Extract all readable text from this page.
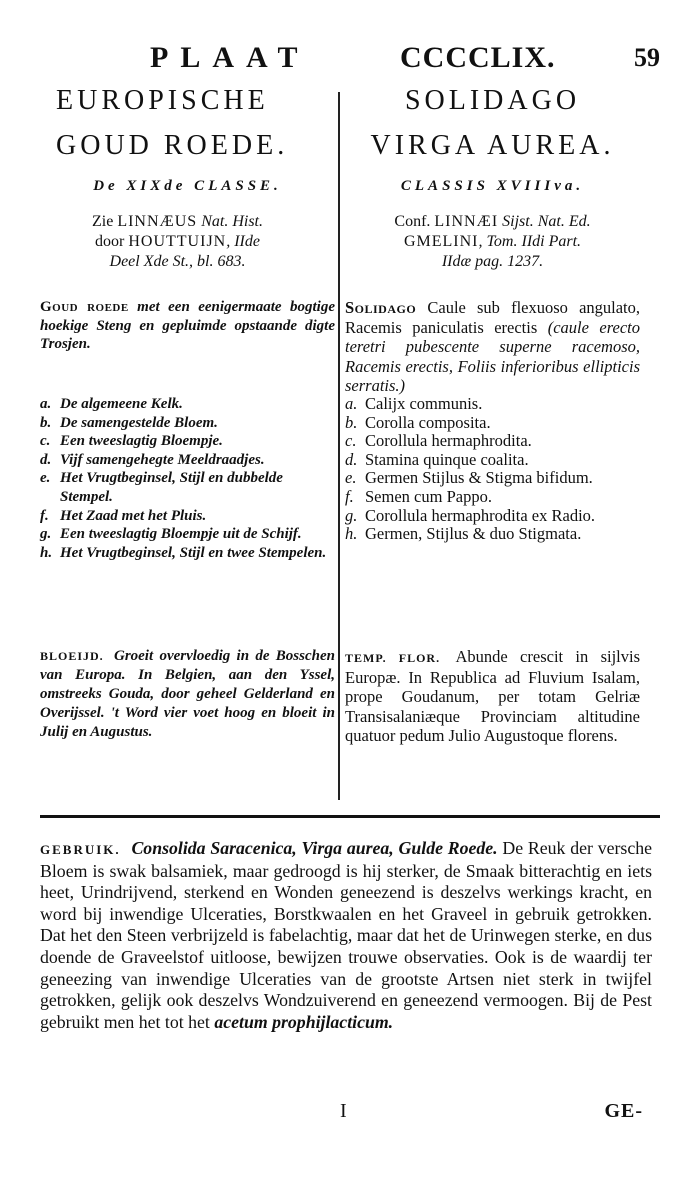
PLAAT	CCCCLIX.	59
EUROPISCHE
GOUD ROEDE.
De XIXde CLASSE.
Zie LINNÆUS Nat. Hist.
door HOUTTUIJN, IIde
Deel Xde St., bl. 683.
Goud roede met een eenigermaate bogtige hoekige Steng en gepluimde opstaande digte Trosjen.
a. De algemeene Kelk.
b. De samengestelde Bloem.
c. Een tweeslagtig Bloempje.
d. Vijf samengehegte Meeldraadjes.
e. Het Vrugtbeginsel, Stijl en dubbelde Stempel.
f. Het Zaad met het Pluis.
g. Een tweeslagtig Bloempje uit de Schijf.
h. Het Vrugtbeginsel, Stijl en twee Stempelen.
BLOEIJD. Groeit overvloedig in de Bosschen van Europa. In Belgien, aan den Yssel, omstreeks Gouda, door geheel Gelderland en Overijssel. 't Word vier voet hoog en bloeit in Julij en Augustus.
SOLIDAGO
VIRGA AUREA.
CLASSIS XVIIIva.
Conf. LINNÆI Sijst. Nat. Ed.
GMELINI, Tom. IIdi Part.
IIdæ pag. 1237.
Solidago Caule sub flexuoso angulato, Racemis paniculatis erectis (caule erecto teretri pubescente superne racemoso, Racemis erectis, Foliis inferioribus ellipticis serratis.)
a. Calijx communis.
b. Corolla composita.
c. Corollula hermaphrodita.
d. Stamina quinque coalita.
e. Germen Stijlus & Stigma bifidum.
f. Semen cum Pappo.
g. Corollula hermaphrodita ex Radio.
h. Germen, Stijlus & duo Stigmata.
TEMP. FLOR. Abunde crescit in sijlvis Europæ. In Republica ad Fluvium Isalam, prope Goudanum, per totam Gelriæ Transisalaniæque Provinciam altitudine quatuor pedum Julio Augustoque florens.
GEBRUIK. Consolida Saracenica, Virga aurea, Gulde Roede. De Reuk der versche Bloem is swak balsamiek, maar gedroogd is hij sterker, de Smaak bitterachtig en iets heet, Urindrijvend, sterkend en Wonden geneezend is deszelvs werkings kracht, en word bij inwendige Ulceraties, Borstkwaalen en het Graveel in gebruik getrokken. Dat het den Steen verbrijzeld is fabelachtig, maar dat het de Urinwegen sterke, en dus doende de Graveelstof uitloose, bewijzen trouwe observaties. Ook is de waardij ter geneezing van inwendige Ulceraties van de grootste Artsen niet sterk in twijfel getrokken, gelijk ook deszelvs Wondzuiverend en geneezend vermoogen. Bij de Pest gebruikt men het tot het acetum prophijlacticum.
I	GE-
